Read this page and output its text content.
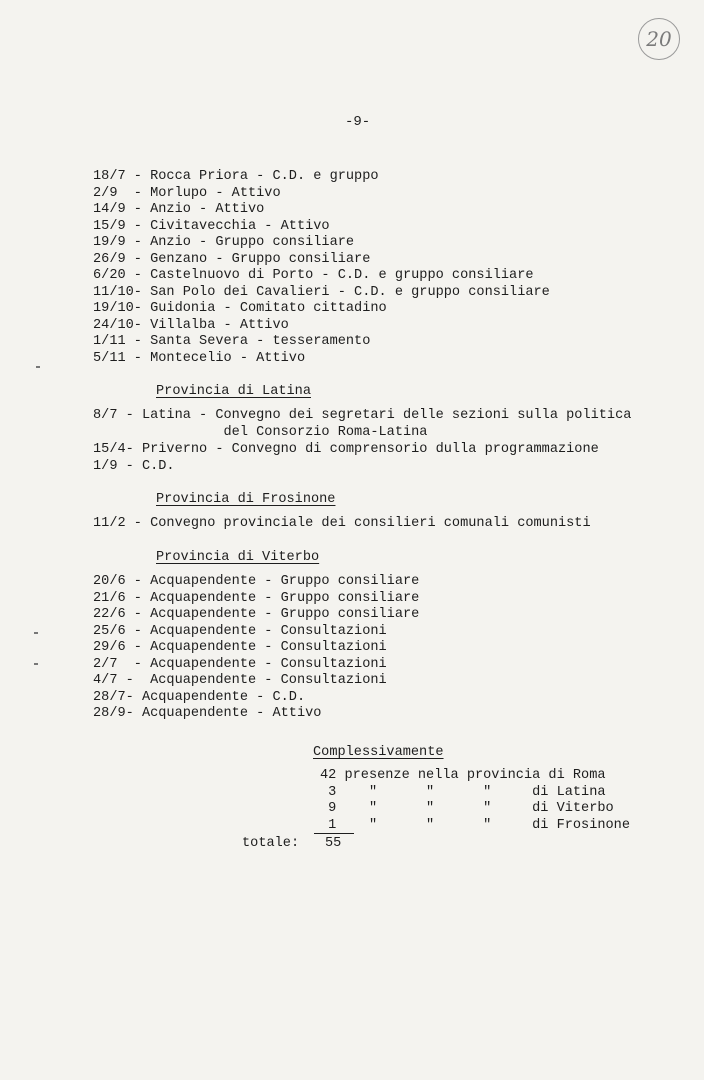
20
-9-
18/7 - Rocca Priora - C.D. e gruppo
2/9  - Morlupo - Attivo
14/9 - Anzio - Attivo
15/9 - Civitavecchia - Attivo
19/9 - Anzio - Gruppo consiliare
26/9 - Genzano - Gruppo consiliare
6/20 - Castelnuovo di Porto - C.D. e gruppo consiliare
11/10- San Polo dei Cavalieri - C.D. e gruppo consiliare
19/10- Guidonia - Comitato cittadino
24/10- Villalba - Attivo
1/11 - Santa Severa - tesseramento
5/11 - Montecelio - Attivo
Provincia di Latina
8/7 - Latina - Convegno dei segretari delle sezioni sulla politica
del Consorzio Roma-Latina
15/4- Priverno - Convegno di comprensorio dulla programmazione
1/9 - C.D.
Provincia di Frosinone
11/2 - Convegno provinciale dei consilieri comunali comunisti
Provincia di Viterbo
20/6 - Acquapendente - Gruppo consiliare
21/6 - Acquapendente - Gruppo consiliare
22/6 - Acquapendente - Gruppo consiliare
25/6 - Acquapendente - Consultazioni
29/6 - Acquapendente - Consultazioni
2/7  - Acquapendente - Consultazioni
4/7 -  Acquapendente - Consultazioni
28/7- Acquapendente - C.D.
28/9- Acquapendente - Attivo
Complessivamente
42 presenze nella provincia di Roma
3    "      "      "     di Latina
9    "      "      "     di Viterbo
1    "      "      "     di Frosinone
totale: 55
